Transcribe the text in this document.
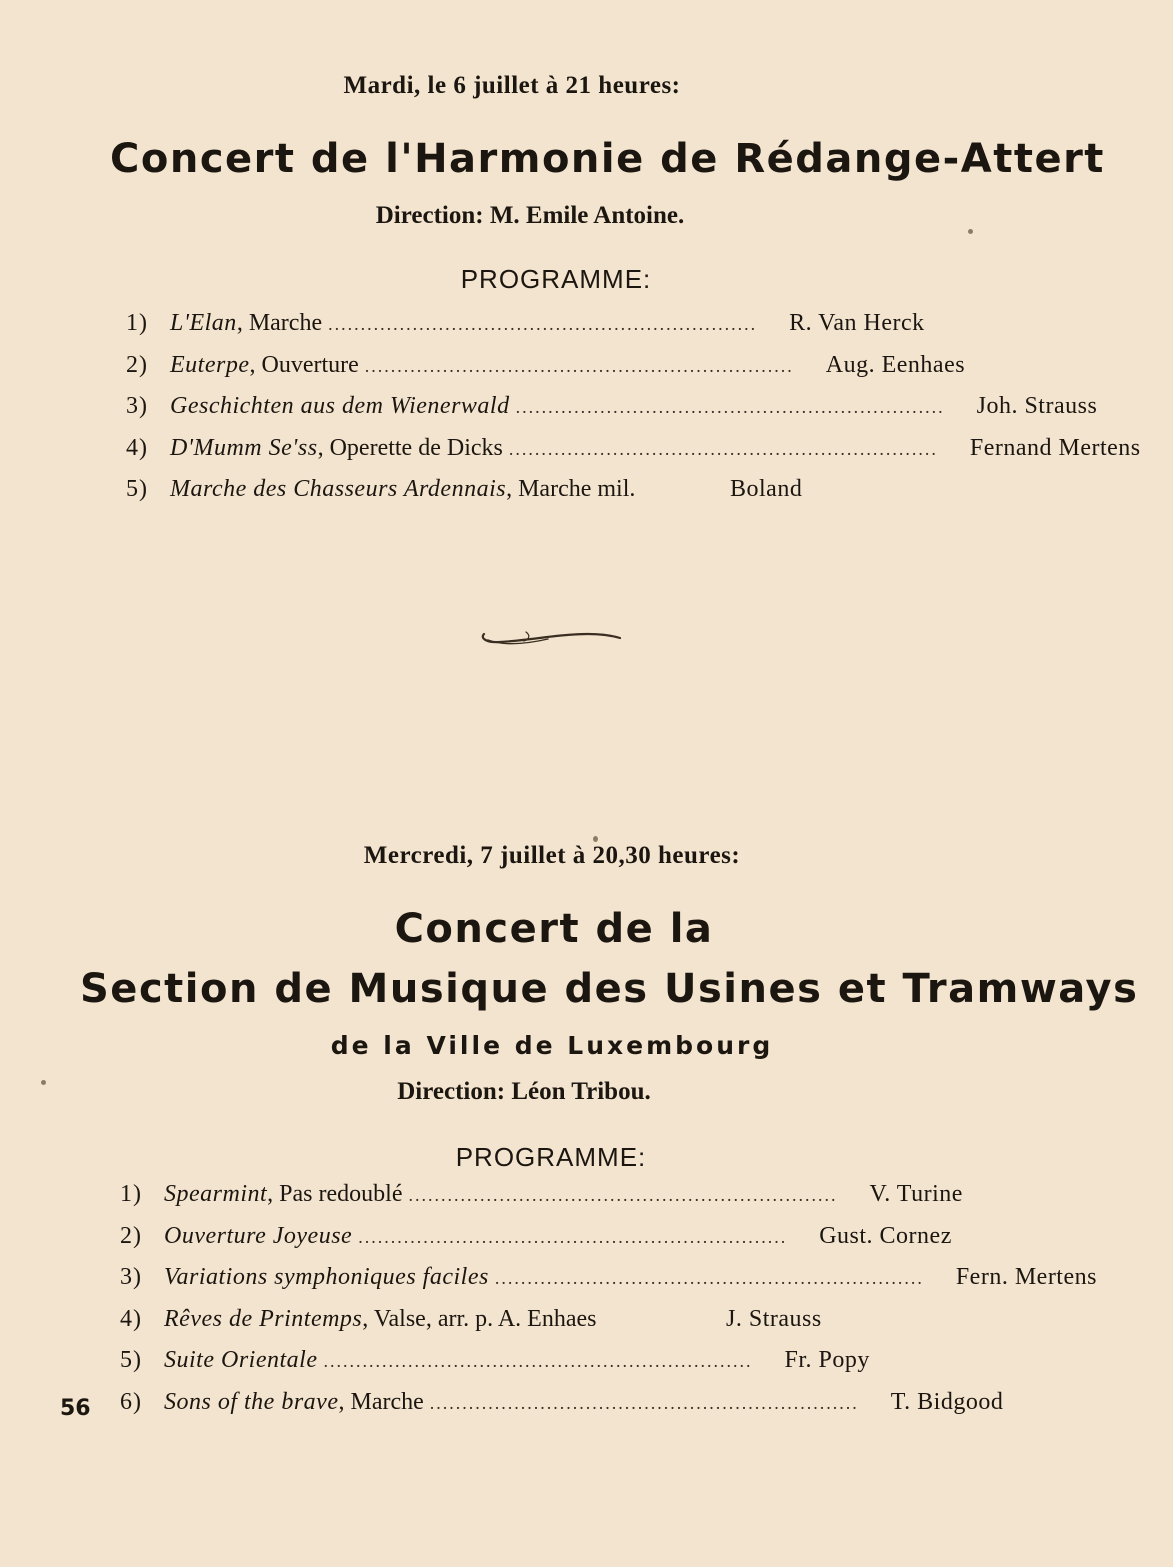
Mardi, le 6 juillet à 21 heures:
Concert de l'Harmonie de Rédange-Attert
Direction: M. Emile Antoine.
PROGRAMME:
1) L'Elan, Marche .................................................................. R. Van Herck
2) Euterpe, Ouverture .................................................................. Aug. Eenhaes
3) Geschichten aus dem Wienerwald .................................................................. Joh. Strauss
4) D'Mumm Se'ss, Operette de Dicks .................................................................. Fernand Mertens
5) Marche des Chasseurs Ardennais, Marche mil.	Boland
Mercredi, 7 juillet à 20,30 heures:
Concert de la
Section de Musique des Usines et Tramways
de la Ville de Luxembourg
Direction: Léon Tribou.
PROGRAMME:
1) Spearmint, Pas redoublé .................................................................. V. Turine
2) Ouverture Joyeuse .................................................................. Gust. Cornez
3) Variations symphoniques faciles .................................................................. Fern. Mertens
4) Rêves de Printemps, Valse, arr. p. A. Enhaes	J. Strauss
5) Suite Orientale .................................................................. Fr. Popy
6) Sons of the brave, Marche .................................................................. T. Bidgood
56
